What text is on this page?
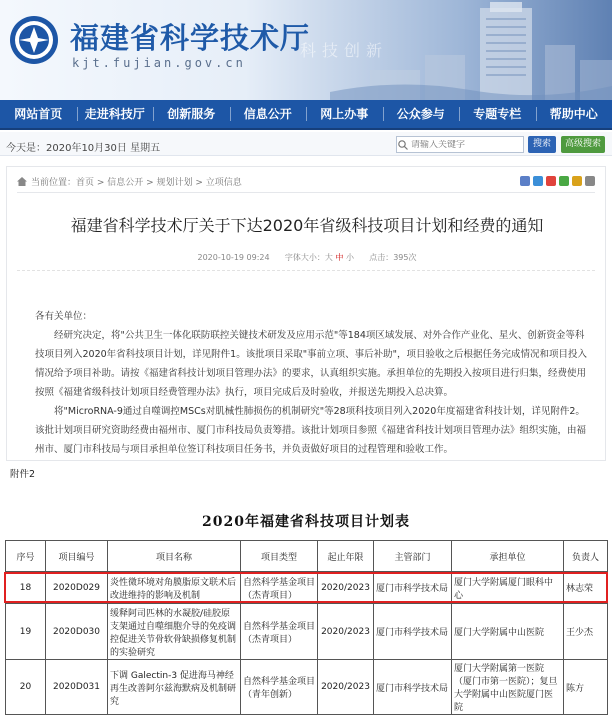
福建省科学技术厅
kjt.fujian.gov.cn
科技创新
网站首页	走进科技厅	创新服务	信息公开	网上办事	公众参与	专题专栏	帮助中心
今天是：2020年10月30日 星期五
请输入关键字	搜索	高级搜索
当前位置：首页 > 信息公开 > 规划计划 > 立项信息
福建省科学技术厅关于下达2020年省级科技项目计划和经费的通知
2020-10-19 09:24 字体大小：大 中 小 点击：395次

各有关单位：

经研究决定，将"公共卫生一体化联防联控关键技术研发及应用示范"等184项区域发展、对外合作产业化、星火、创新资金等科技项目列入2020年省科技项目计划，详见附件1。该批项目采取"事前立项、事后补助"，项目验收之后根据任务完成情况和项目投入情况给予项目补助。请按《福建省科技计划项目管理办法》的要求，认真组织实施。承担单位的先期投入按项目进行归集，经费使用按照《福建省级科技计划项目经费管理办法》执行，项目完成后及时验收，并报送先期投入总决算。

将"MicroRNA-9通过自噬调控MSCs对肌械性肺损伤的机制研究"等28项科技项目列入2020年度福建省科技计划，详见附件2。该批计划项目研究资助经费由福州市、厦门市科技局负责筹措。该批计划项目参照《福建省科技计划项目管理办法》组织实施，由福州市、厦门市科技局与项目承担单位签订科技项目任务书，并负责做好项目的过程管理和验收工作。

附件2
2020年福建省科技项目计划表
序号	项目编号	项目名称	项目类型	起止年限	主管部门	承担单位	负责人
18	2020D029	炎性微环境对角膜脂原文联术后改进维持的影响及机制	自然科学基金项目（杰青项目）	2020/2023	厦门市科学技术局	厦门大学附属厦门眼科中心	林志荣
19	2020D030	缓释阿司匹林的水凝胶/硅胶原支架通过自噬细胞介导的免疫调控促进关节骨软骨缺损修复机制的实验研究	自然科学基金项目（杰青项目）	2020/2023	厦门市科学技术局	厦门大学附属中山医院	王少杰
20	2020D031	下调 Galectin-3 促进海马神经再生改善阿尔兹海默病及机制研究	自然科学基金项目（青年创新）	2020/2023	厦门市科学技术局	厦门大学附属第一医院（厦门市第一医院）；复旦大学附属中山医院厦门医院	陈方
